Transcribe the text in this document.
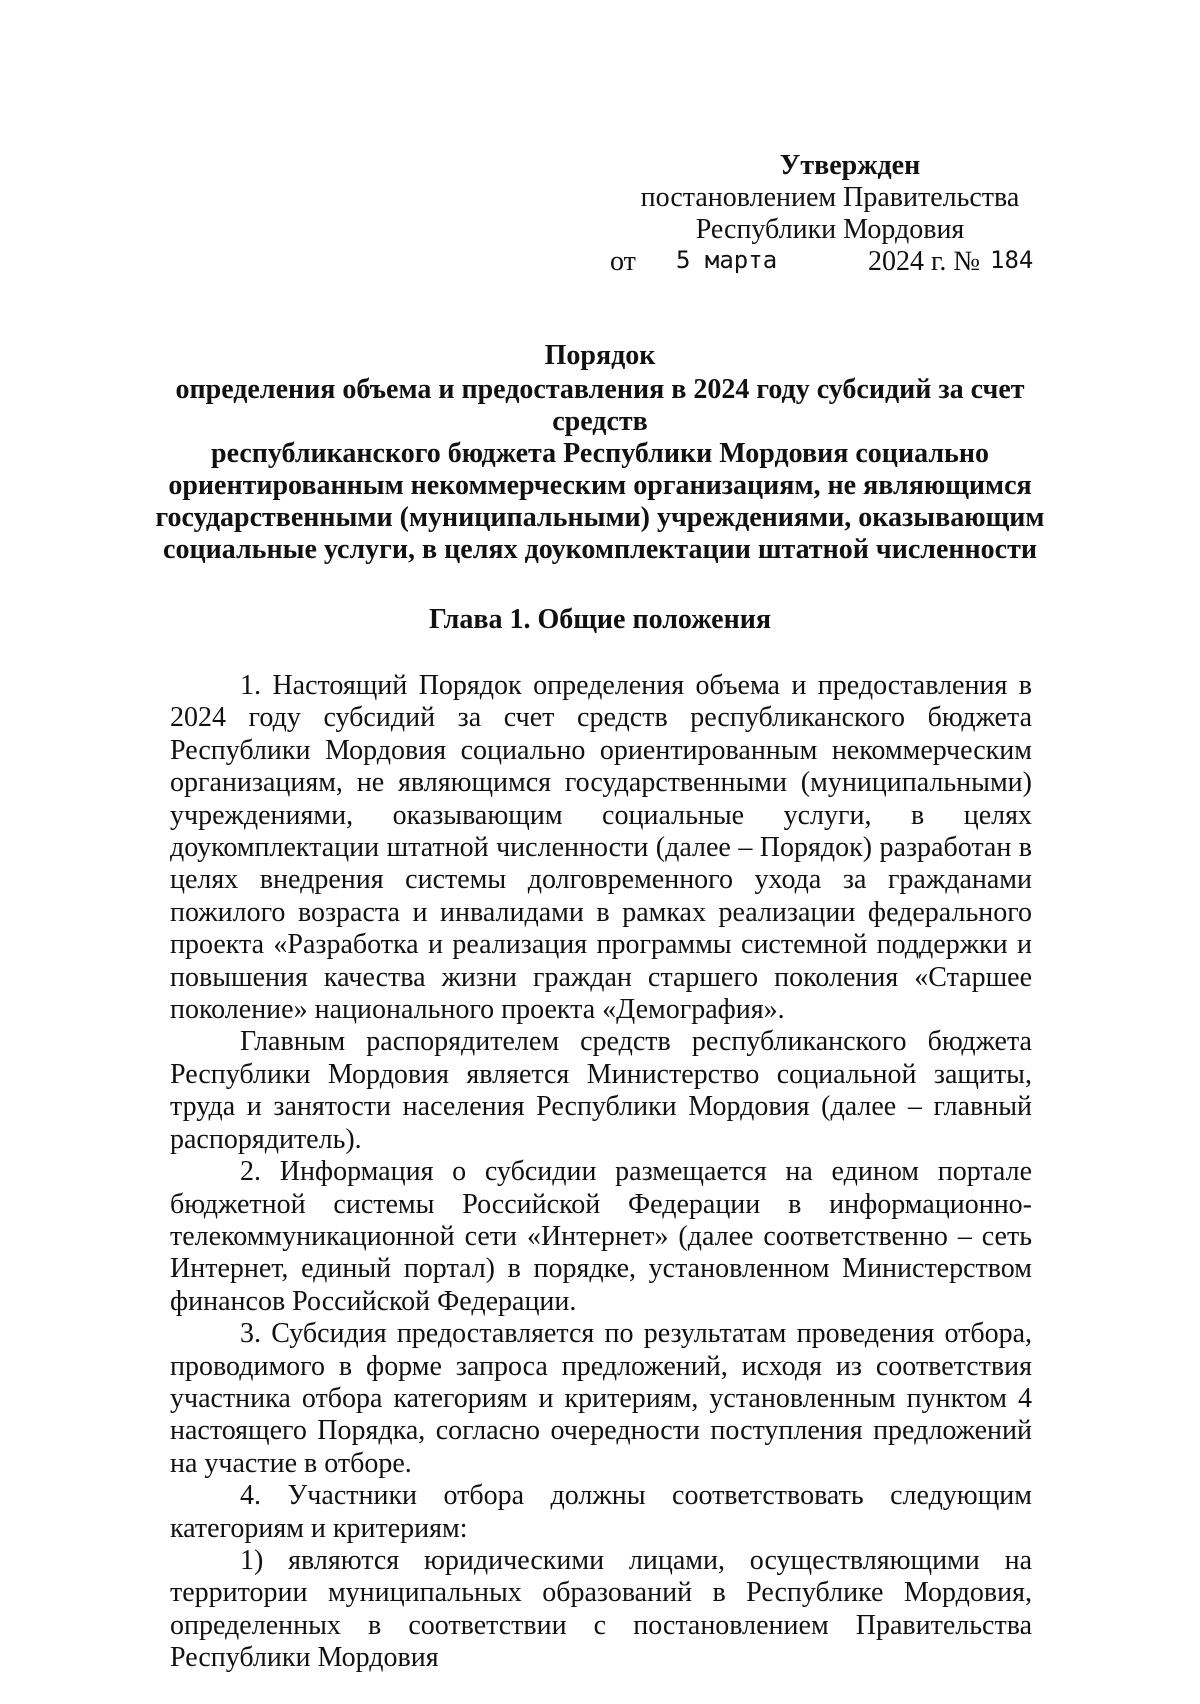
Утвержден
постановлением Правительства
Республики Мордовия
от 5 марта	2024 г. № 184
Порядок
определения объема и предоставления в 2024 году субсидий за счет средств
республиканского бюджета Республики Мордовия социально
ориентированным некоммерческим организациям, не являющимся
государственными (муниципальными) учреждениями, оказывающим
социальные услуги, в целях доукомплектации штатной численности
Глава 1. Общие положения

1. Настоящий Порядок определения объема и предоставления в 2024 году субсидий за счет средств республиканского бюджета Республики Мордовия социально ориентированным некоммерческим организациям, не являющимся государственными (муниципальными) учреждениями, оказывающим социальные услуги, в целях доукомплектации штатной численности (далее – Порядок) разработан в целях внедрения системы долговременного ухода за гражданами пожилого возраста и инвалидами в рамках реализации федерального проекта «Разработка и реализация программы системной поддержки и повышения качества жизни граждан старшего поколения «Старшее поколение» национального проекта «Демография».

Главным распорядителем средств республиканского бюджета Республики Мордовия является Министерство социальной защиты, труда и занятости населения Республики Мордовия (далее – главный распорядитель).

2. Информация о субсидии размещается на едином портале бюджетной системы Российской Федерации в информационно-телекоммуникационной сети «Интернет» (далее соответственно – сеть Интернет, единый портал) в порядке, установленном Министерством финансов Российской Федерации.

3. Субсидия предоставляется по результатам проведения отбора, проводимого в форме запроса предложений, исходя из соответствия участника отбора категориям и критериям, установленным пунктом 4 настоящего Порядка, согласно очередности поступления предложений на участие в отборе.

4. Участники отбора должны соответствовать следующим категориям и критериям:

1) являются юридическими лицами, осуществляющими на территории муниципальных образований в Республике Мордовия, определенных в соответствии с постановлением Правительства Республики Мордовия
